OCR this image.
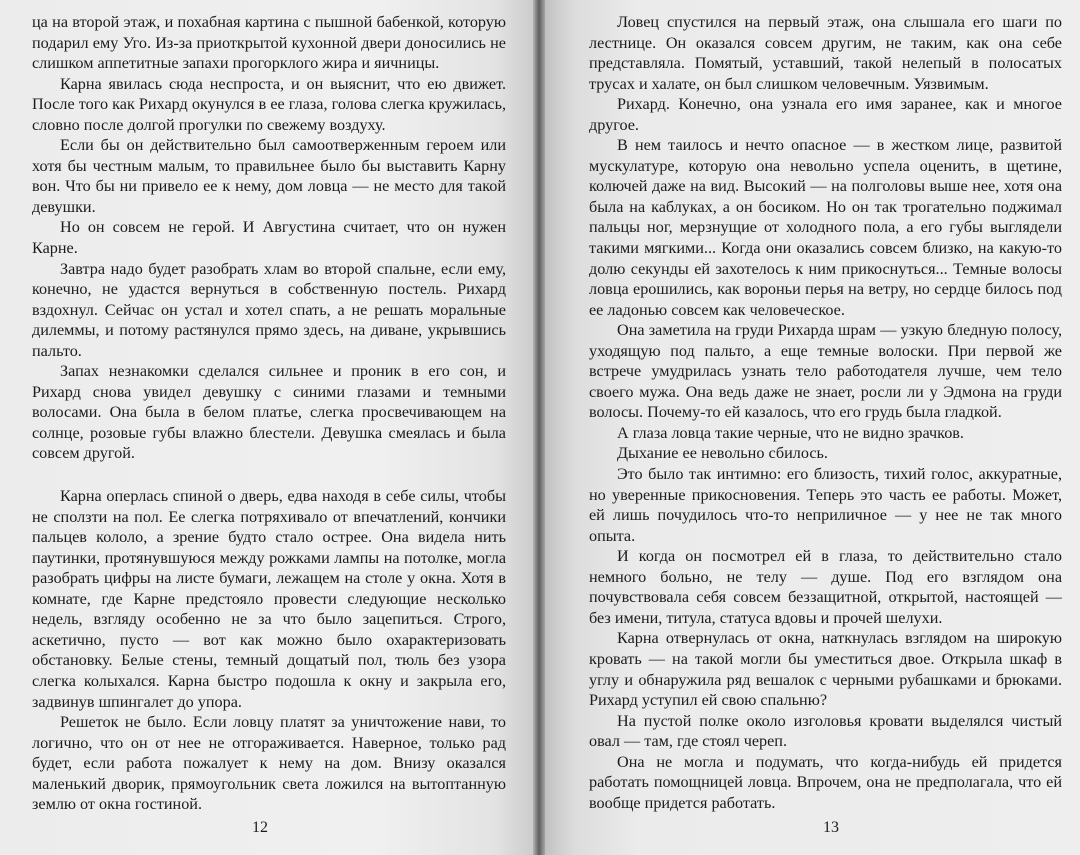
ца на второй этаж, и похабная картина с пышной бабенкой, которую подарил ему Уго. Из-за приоткрытой кухонной двери доносились не слишком аппетитные запахи прогорклого жира и яичницы.

Карна явилась сюда неспроста, и он выяснит, что ею движет. После того как Рихард окунулся в ее глаза, голова слегка кружилась, словно после долгой прогулки по свежему воздуху.

Если бы он действительно был самоотверженным героем или хотя бы честным малым, то правильнее было бы выставить Карну вон. Что бы ни привело ее к нему, дом ловца — не место для такой девушки.

Но он совсем не герой. И Августина считает, что он нужен Карне.

Завтра надо будет разобрать хлам во второй спальне, если ему, конечно, не удастся вернуться в собственную постель. Рихард вздохнул. Сейчас он устал и хотел спать, а не решать моральные дилеммы, и потому растянулся прямо здесь, на диване, укрывшись пальто.

Запах незнакомки сделался сильнее и проник в его сон, и Рихард снова увидел девушку с синими глазами и темными волосами. Она была в белом платье, слегка просвечивающем на солнце, розовые губы влажно блестели. Девушка смеялась и была совсем другой.

Карна оперлась спиной о дверь, едва находя в себе силы, чтобы не сползти на пол. Ее слегка потряхивало от впечатлений, кончики пальцев кололо, а зрение будто стало острее. Она видела нить паутинки, протянувшуюся между рожками лампы на потолке, могла разобрать цифры на листе бумаги, лежащем на столе у окна. Хотя в комнате, где Карне предстояло провести следующие несколько недель, взгляду особенно не за что было зацепиться. Строго, аскетично, пусто — вот как можно было охарактеризовать обстановку. Белые стены, темный дощатый пол, тюль без узора слегка колыхался. Карна быстро подошла к окну и закрыла его, задвинув шпингалет до упора.

Решеток не было. Если ловцу платят за уничтожение нави, то логично, что он от нее не отгораживается. Наверное, только рад будет, если работа пожалует к нему на дом. Внизу оказался маленький дворик, прямоугольник света ложился на вытоптанную землю от окна гостиной.

12

Ловец спустился на первый этаж, она слышала его шаги по лестнице. Он оказался совсем другим, не таким, как она себе представляла. Помятый, уставший, такой нелепый в полосатых трусах и халате, он был слишком человечным. Уязвимым.

Рихард. Конечно, она узнала его имя заранее, как и многое другое.

В нем таилось и нечто опасное — в жестком лице, развитой мускулатуре, которую она невольно успела оценить, в щетине, колючей даже на вид. Высокий — на полголовы выше нее, хотя она была на каблуках, а он босиком. Но он так трогательно поджимал пальцы ног, мерзнущие от холодного пола, а его губы выглядели такими мягкими... Когда они оказались совсем близко, на какую-то долю секунды ей захотелось к ним прикоснуться... Темные волосы ловца ерошились, как вороньи перья на ветру, но сердце билось под ее ладонью совсем как человеческое.

Она заметила на груди Рихарда шрам — узкую бледную полосу, уходящую под пальто, а еще темные волоски. При первой же встрече умудрилась узнать тело работодателя лучше, чем тело своего мужа. Она ведь даже не знает, росли ли у Эдмона на груди волосы. Почему-то ей казалось, что его грудь была гладкой.

А глаза ловца такие черные, что не видно зрачков.

Дыхание ее невольно сбилось.

Это было так интимно: его близость, тихий голос, аккуратные, но уверенные прикосновения. Теперь это часть ее работы. Может, ей лишь почудилось что-то неприличное — у нее не так много опыта.

И когда он посмотрел ей в глаза, то действительно стало немного больно, не телу — душе. Под его взглядом она почувствовала себя совсем беззащитной, открытой, настоящей — без имени, титула, статуса вдовы и прочей шелухи.

Карна отвернулась от окна, наткнулась взглядом на широкую кровать — на такой могли бы уместиться двое. Открыла шкаф в углу и обнаружила ряд вешалок с черными рубашками и брюками. Рихард уступил ей свою спальню?

На пустой полке около изголовья кровати выделялся чистый овал — там, где стоял череп.

Она не могла и подумать, что когда-нибудь ей придется работать помощницей ловца. Впрочем, она не предполагала, что ей вообще придется работать.

13
